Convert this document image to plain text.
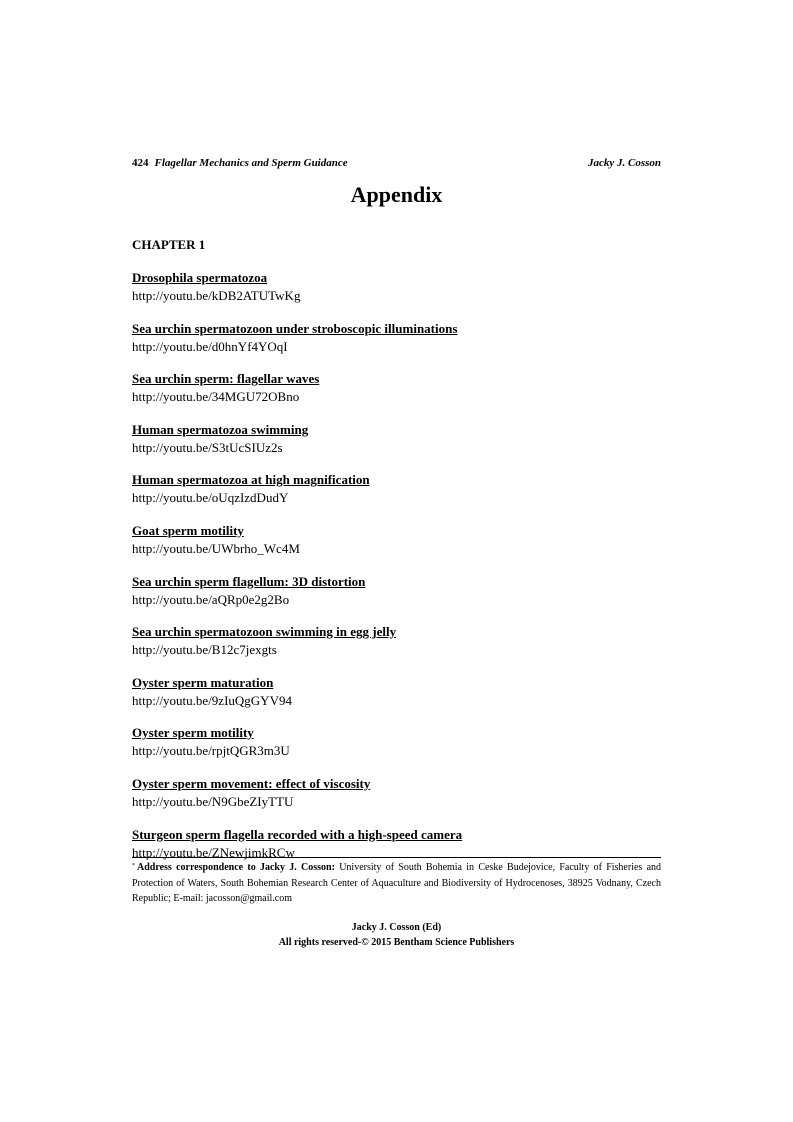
424 Flagellar Mechanics and Sperm Guidance	Jacky J. Cosson
Appendix
CHAPTER 1
Drosophila spermatozoa
http://youtu.be/kDB2ATUTwKg
Sea urchin spermatozoon under stroboscopic illuminations
http://youtu.be/d0hnYf4YOqI
Sea urchin sperm: flagellar waves
http://youtu.be/34MGU72OBno
Human spermatozoa swimming
http://youtu.be/S3tUcSIUz2s
Human spermatozoa at high magnification
http://youtu.be/oUqzIzdDudY
Goat sperm motility
http://youtu.be/UWbrho_Wc4M
Sea urchin sperm flagellum: 3D distortion
http://youtu.be/aQRp0e2g2Bo
Sea urchin spermatozoon swimming in egg jelly
http://youtu.be/B12c7jexgts
Oyster sperm maturation
http://youtu.be/9zIuQgGYV94
Oyster sperm motility
http://youtu.be/rpjtQGR3m3U
Oyster sperm movement: effect of viscosity
http://youtu.be/N9GbeZIyTTU
Sturgeon sperm flagella recorded with a high-speed camera
http://youtu.be/ZNewjimkRCw

* Address correspondence to Jacky J. Cosson: University of South Bohemia in Ceske Budejovice, Faculty of Fisheries and Protection of Waters, South Bohemian Research Center of Aquaculture and Biodiversity of Hydrocenoses, 38925 Vodnany, Czech Republic; E-mail: jacosson@gmail.com

Jacky J. Cosson (Ed)
All rights reserved-© 2015 Bentham Science Publishers
